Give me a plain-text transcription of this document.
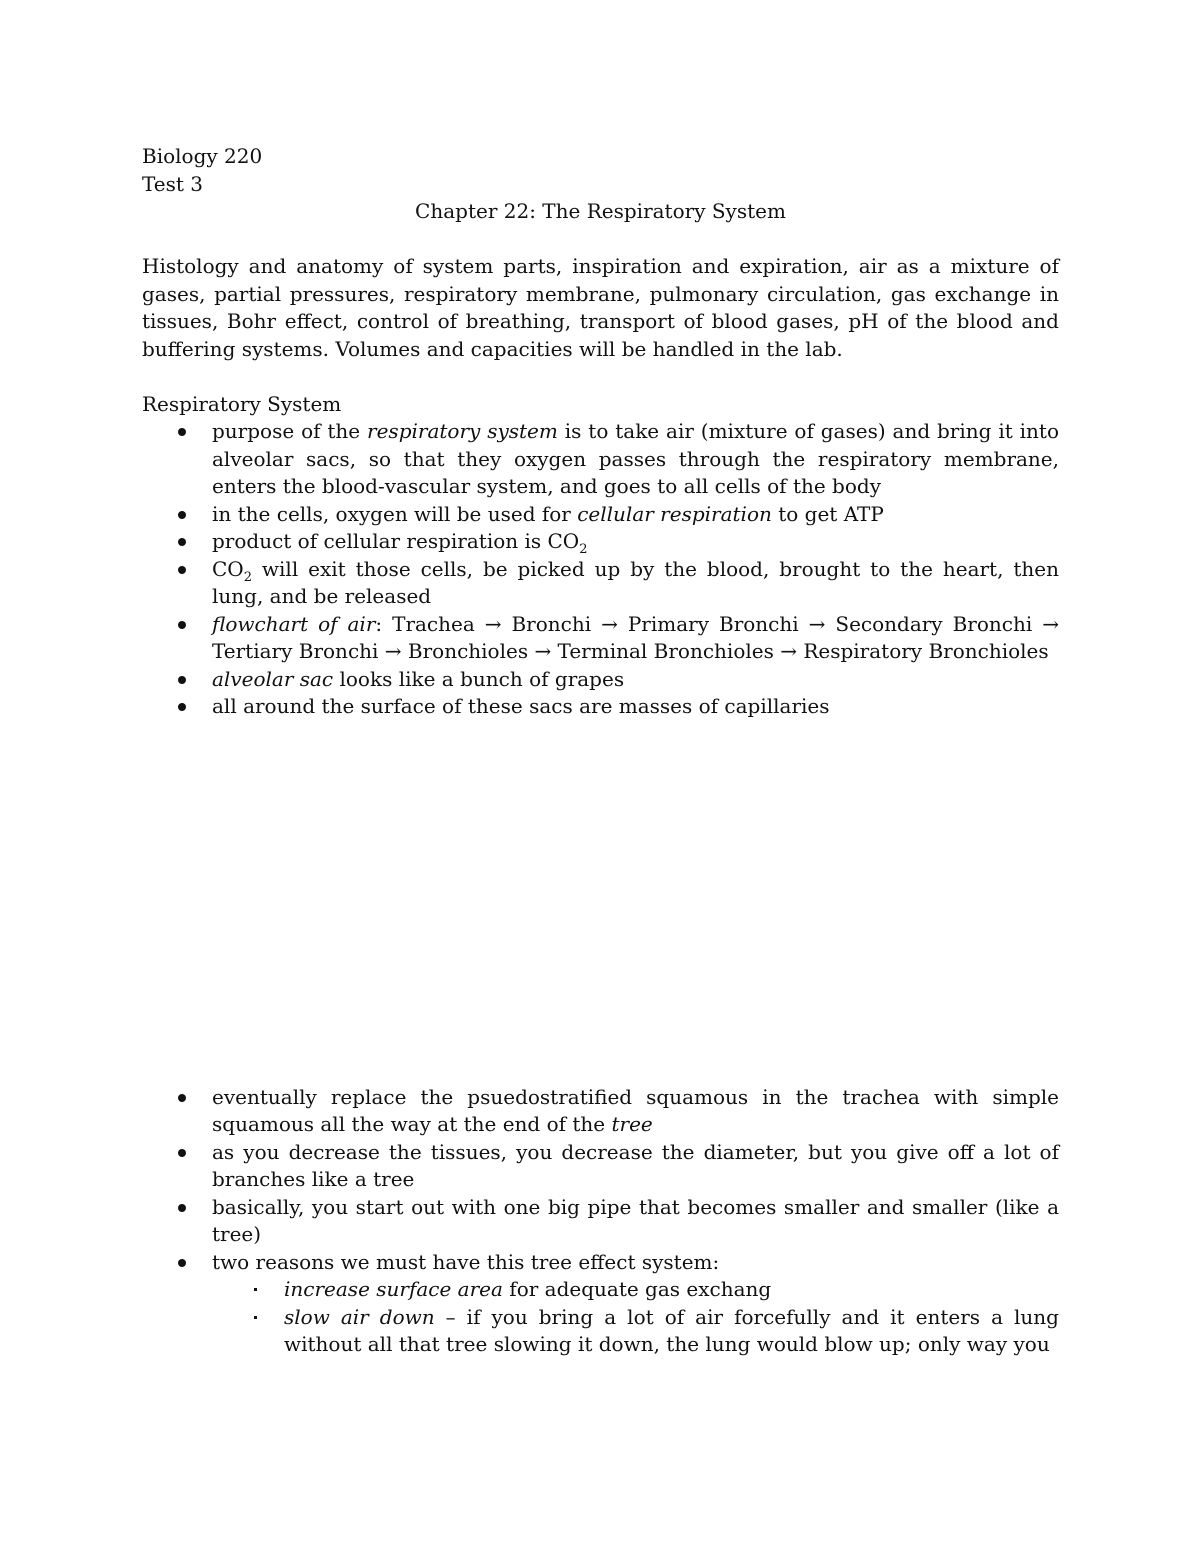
Biology 220

Test 3

Chapter 22: The Respiratory System

Histology and anatomy of system parts, inspiration and expiration, air as a mixture of gases, partial pressures, respiratory membrane, pulmonary circulation, gas exchange in tissues, Bohr effect, control of breathing, transport of blood gases, pH of the blood and buffering systems. Volumes and capacities will be handled in the lab.

Respiratory System

purpose of the respiratory system is to take air (mixture of gases) and bring it into alveolar sacs, so that they oxygen passes through the respiratory membrane, enters the blood-vascular system, and goes to all cells of the body
in the cells, oxygen will be used for cellular respiration to get ATP
product of cellular respiration is $CO_2$
$CO_2$ will exit those cells, be picked up by the blood, brought to the heart, then lung, and be released
flowchart of air: Trachea → Bronchi → Primary Bronchi → Secondary Bronchi → Tertiary Bronchi → Bronchioles → Terminal Bronchioles → Respiratory Bronchioles
alveolar sac looks like a bunch of grapes
all around the surface of these sacs are masses of capillaries
eventually replace the psuedostratified squamous in the trachea with simple squamous all the way at the end of the tree
as you decrease the tissues, you decrease the diameter, but you give off a lot of branches like a tree
basically, you start out with one big pipe that becomes smaller and smaller (like a tree)
two reasons we must have this tree effect system:
increase surface area for adequate gas exchang
slow air down – if you bring a lot of air forcefully and it enters a lung without all that tree slowing it down, the lung would blow up; only way you
